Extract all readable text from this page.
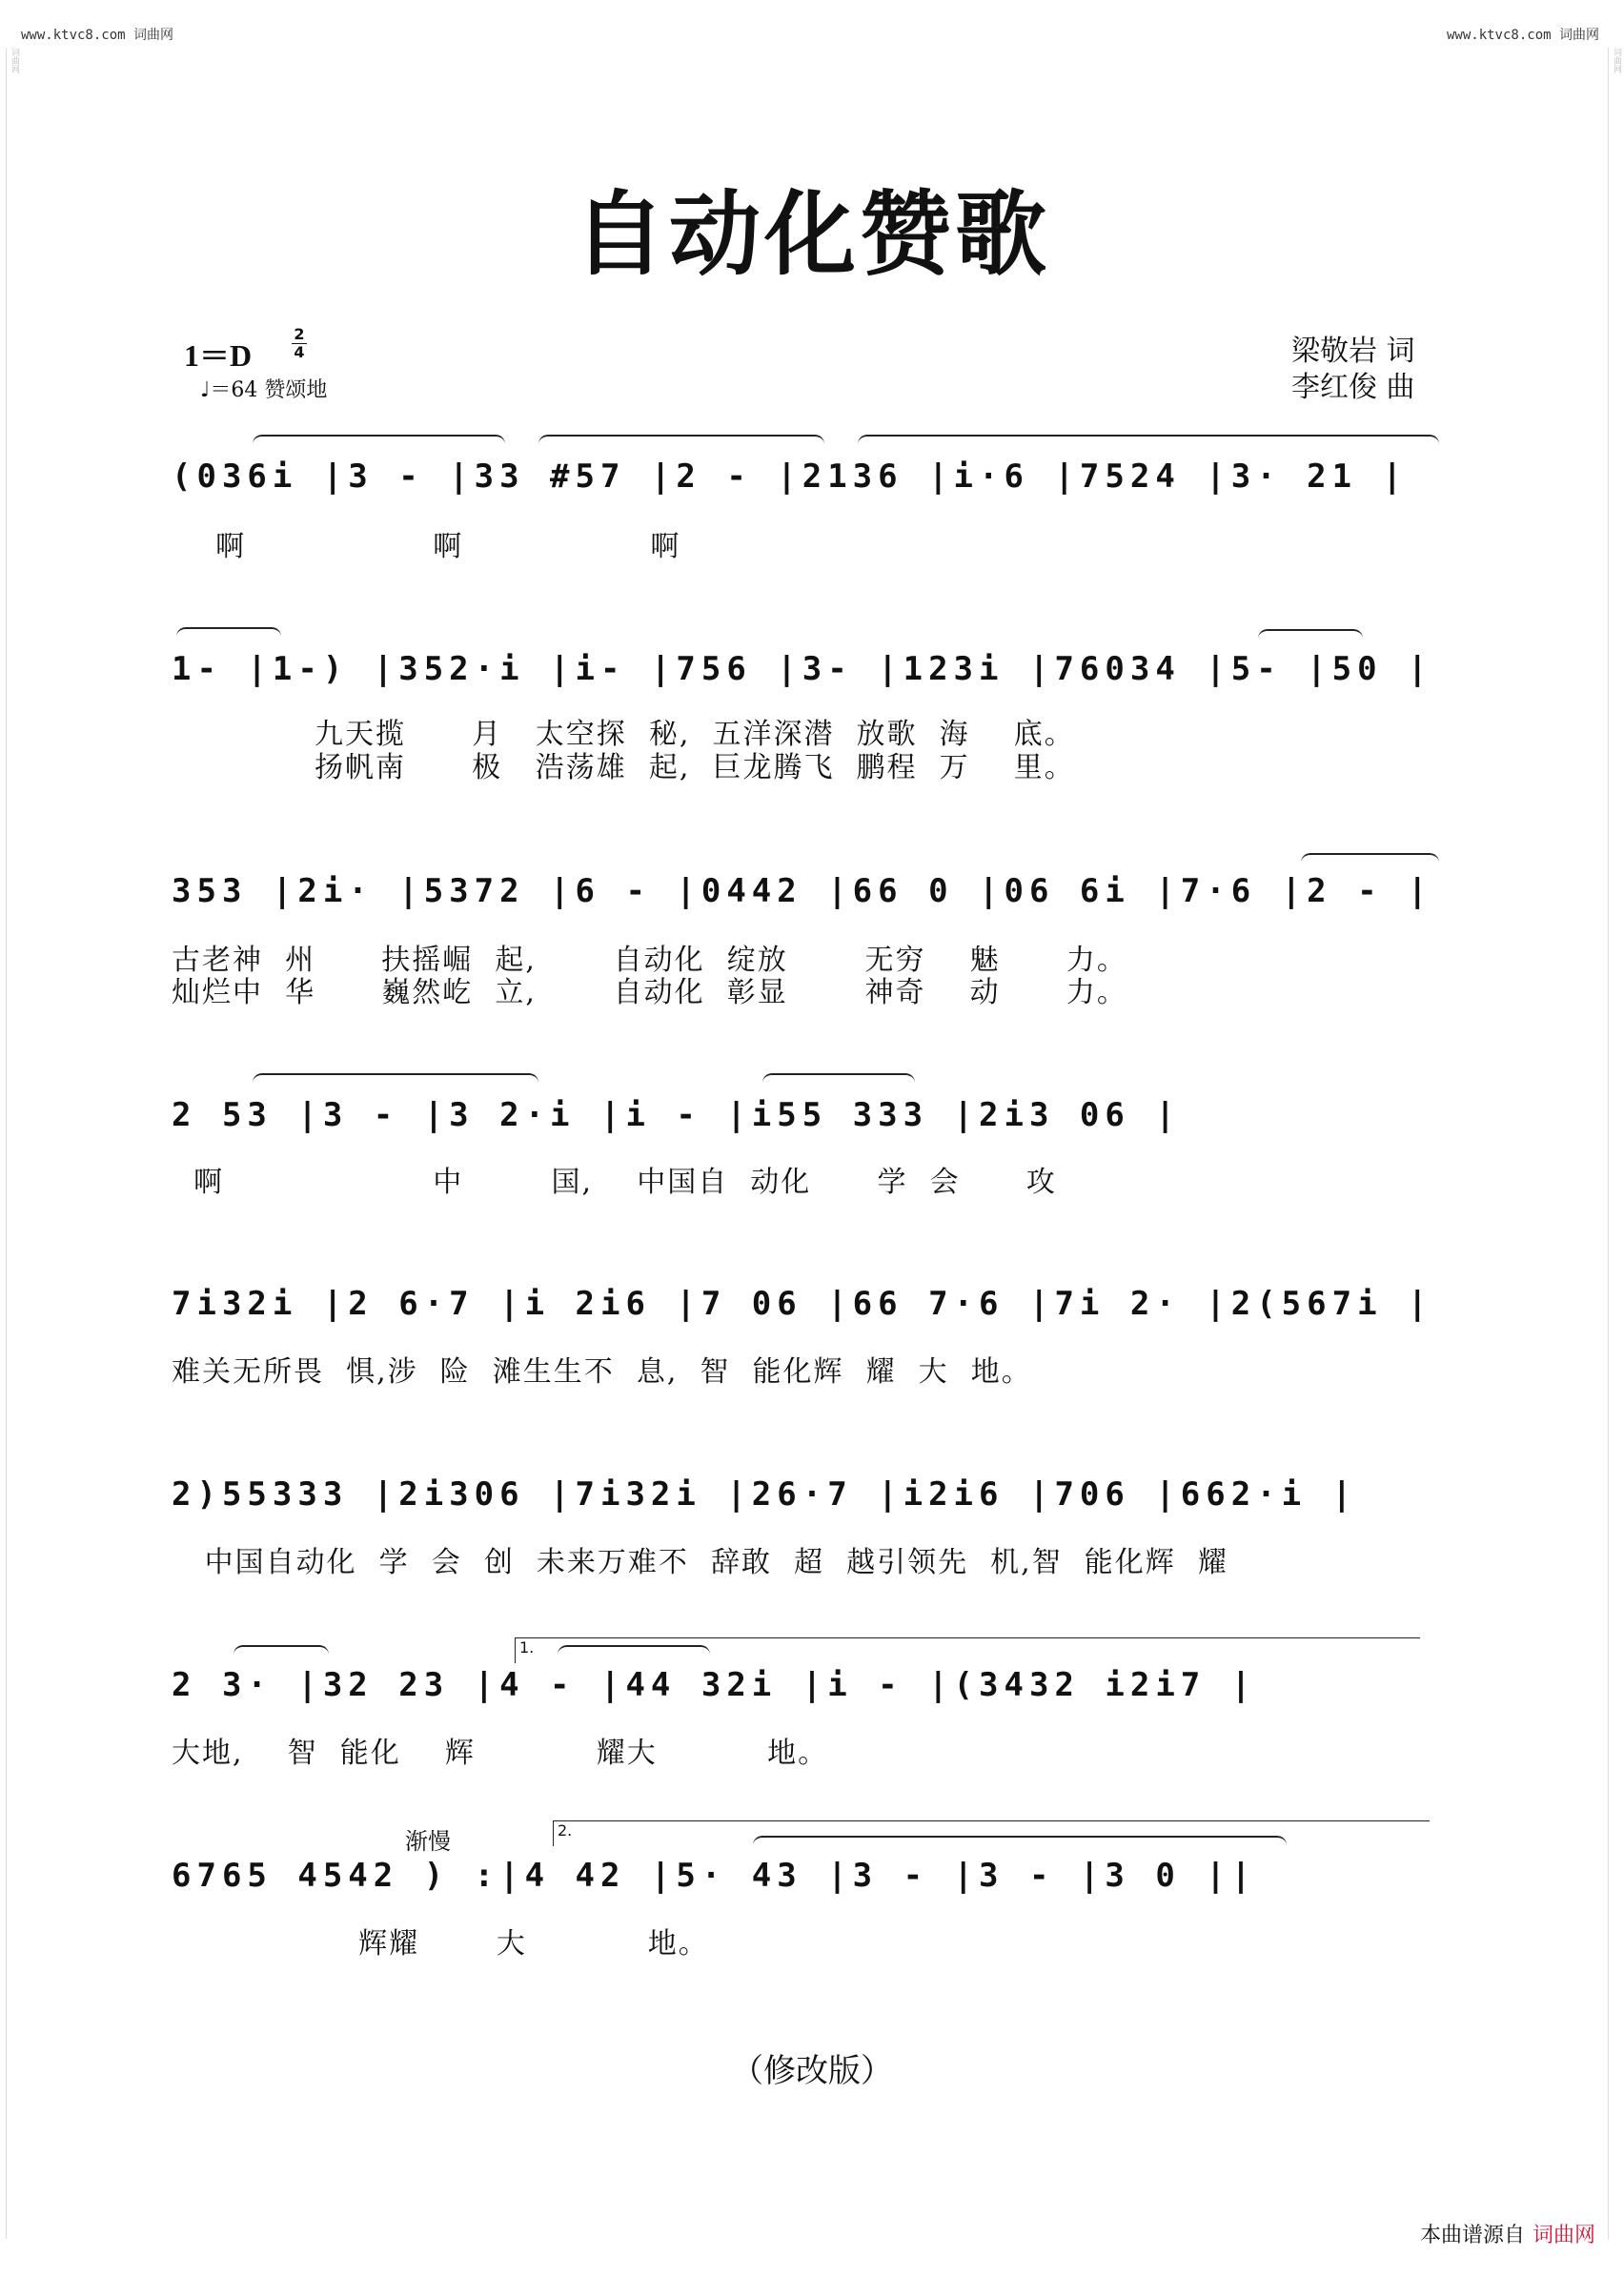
www.ktvc8.com 词曲网	www.ktvc8.com 词曲网
词曲网	词曲网
自动化赞歌
1＝D
2
4
♩＝64 赞颂地
梁敬岩 词
李红俊 曲
(036i |3 - |33 #57 |2 - |2136 |i·6 |7524 |3· 21 |
啊                 啊                 啊
1- |1-) |352·i |i- |756 |3- |123i |76034 |5- |50 |
九天揽      月   太空探  秘,  五洋深潜  放歌  海    底。
扬帆南      极   浩荡雄  起,  巨龙腾飞  鹏程  万    里。
353 |2i· |5372 |6 - |0442 |66 0 |06 6i |7·6 |2 - |
古老神  州      扶摇崛  起,       自动化  绽放       无穷    魅      力。
灿烂中  华      巍然屹  立,       自动化  彰显       神奇    动      力。
2 53 |3 - |3 2·i |i - |i55 333 |2i3 06 |
啊                   中        国,    中国自  动化      学  会      攻
7i32i |2 6·7 |i 2i6 |7 06 |66 7·6 |7i 2· |2(567i |
难关无所畏  惧,涉  险  滩生生不  息,  智  能化辉  耀  大  地。
2)55333 |2i306 |7i32i |26·7 |i2i6 |706 |662·i |
中国自动化  学  会  创  未来万难不  辞敢  超  越引领先  机,智  能化辉  耀
2 3· |32 23 |4 - |44 32i |i - |(3432 i2i7 |
大地,    智  能化    辉           耀大          地。
6765 4542 ) :|4 42 |5· 43 |3 - |3 - |3 0 ||
辉耀       大           地。
1.
2.
渐慢
（修改版）
本曲谱源自 词曲网
